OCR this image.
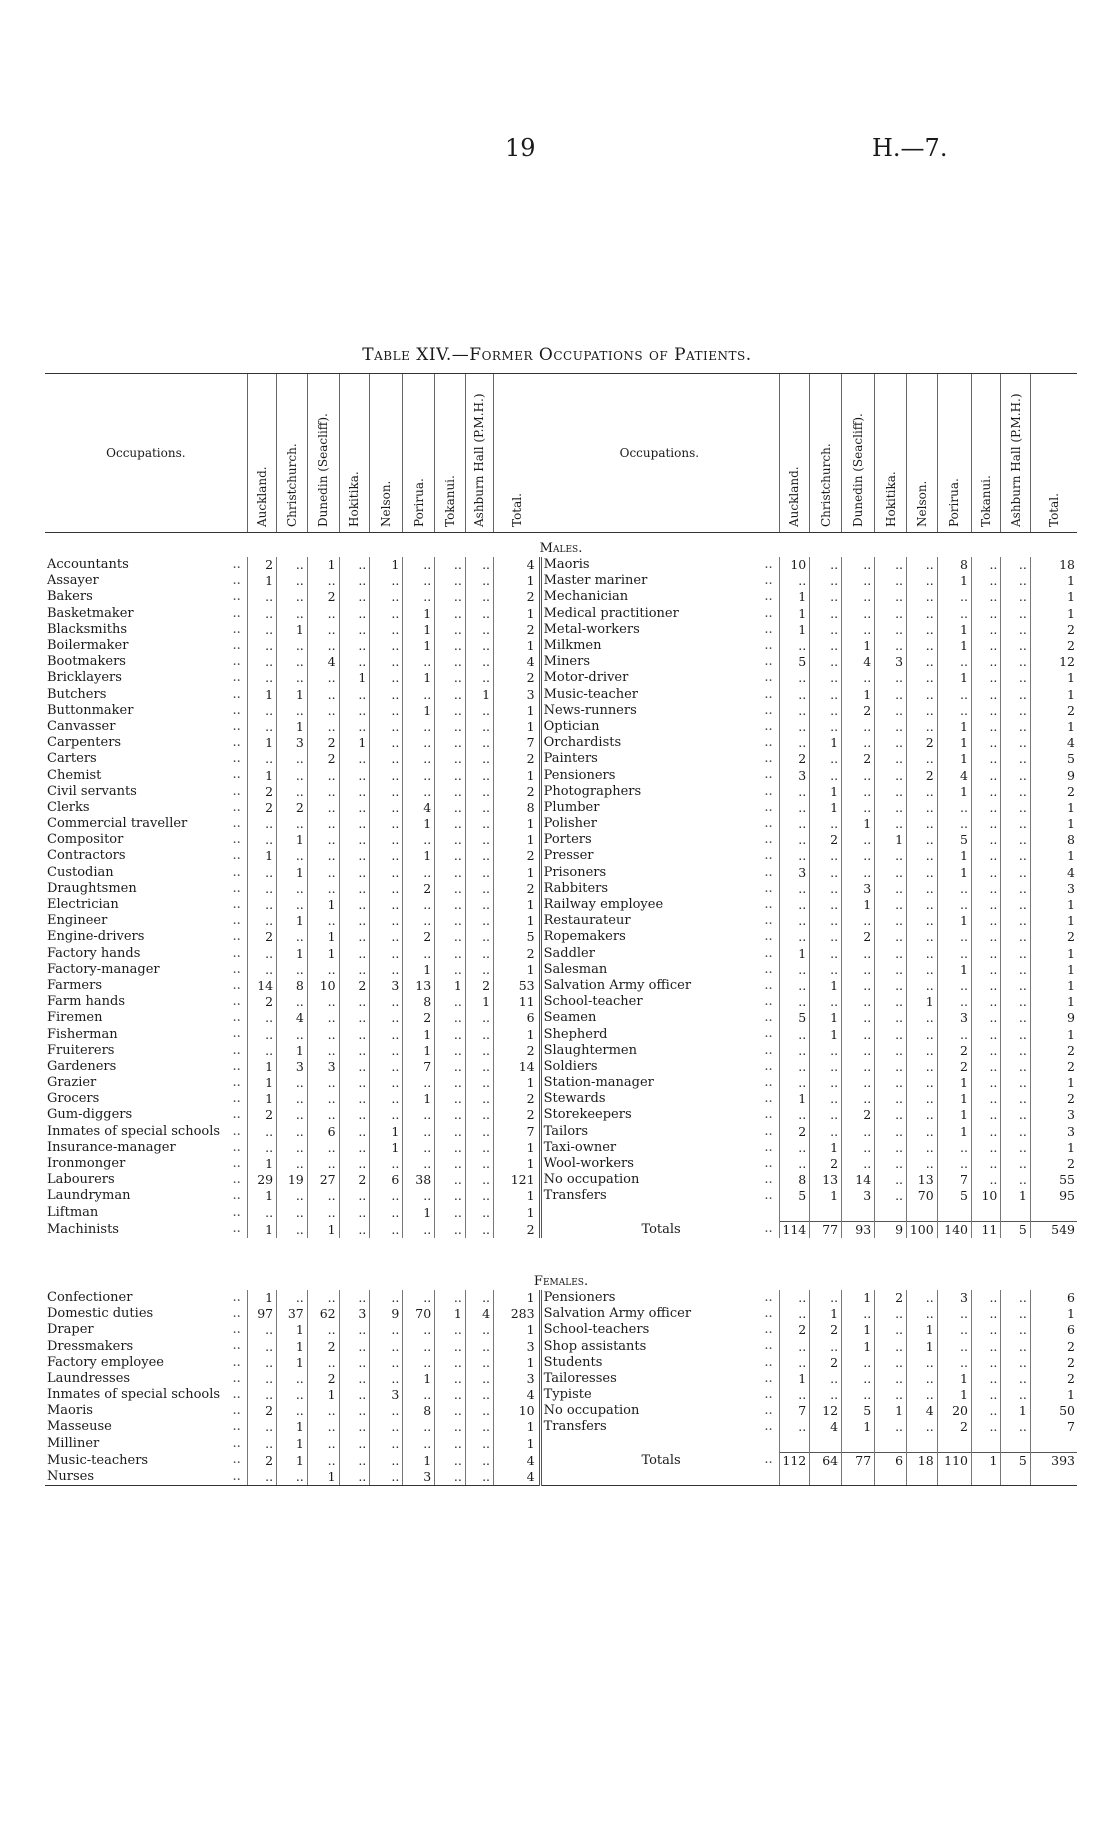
19	H.—7.
Table XIV.—Former Occupations of Patients.
Occupations.	Auckland.	Christchurch.	Dunedin (Seacliff).	Hokitika.	Nelson.	Porirua.	Tokanui.	Ashburn Hall (P.M.H.)	Total.	Occupations.	Auckland.	Christchurch.	Dunedin (Seacliff).	Hokitika.	Nelson.	Porirua.	Tokanui.	Ashburn Hall (P.M.H.)	Total.
Males.																			
Accountants ..	2	..	1	..	1	..	..	..	4	Maoris ..	10	..	..	..	..	8	..	..	18
Assayer ..	1	..	..	..	..	..	..	..	1	Master mariner ..	..	..	..	..	..	1	..	..	1
Bakers ..	..	..	2	..	..	..	..	..	2	Mechanician ..	1	..	..	..	..	..	..	..	1
Basketmaker ..	..	..	..	..	..	1	..	..	1	Medical practitioner ..	1	..	..	..	..	..	..	..	1
Blacksmiths ..	..	1	..	..	..	1	..	..	2	Metal-workers ..	1	..	..	..	..	1	..	..	2
Boilermaker ..	..	..	..	..	..	1	..	..	1	Milkmen ..	..	..	1	..	..	1	..	..	2
Bootmakers ..	..	..	4	..	..	..	..	..	4	Miners ..	5	..	4	3	..	..	..	..	12
Bricklayers ..	..	..	..	1	..	1	..	..	2	Motor-driver ..	..	..	..	..	..	1	..	..	1
Butchers ..	1	1	..	..	..	..	..	1	3	Music-teacher ..	..	..	1	..	..	..	..	..	1
Buttonmaker ..	..	..	..	..	..	1	..	..	1	News-runners ..	..	..	2	..	..	..	..	..	2
Canvasser ..	..	1	..	..	..	..	..	..	1	Optician ..	..	..	..	..	..	1	..	..	1
Carpenters ..	1	3	2	1	..	..	..	..	7	Orchardists ..	..	1	..	..	2	1	..	..	4
Carters ..	..	..	2	..	..	..	..	..	2	Painters ..	2	..	2	..	..	1	..	..	5
Chemist ..	1	..	..	..	..	..	..	..	1	Pensioners ..	3	..	..	..	2	4	..	..	9
Civil servants ..	2	..	..	..	..	..	..	..	2	Photographers ..	..	1	..	..	..	1	..	..	2
Clerks ..	2	2	..	..	..	4	..	..	8	Plumber ..	..	1	..	..	..	..	..	..	1
Commercial traveller ..	..	..	..	..	..	1	..	..	1	Polisher ..	..	..	1	..	..	..	..	..	1
Compositor ..	..	1	..	..	..	..	..	..	1	Porters ..	..	2	..	1	..	5	..	..	8
Contractors ..	1	..	..	..	..	1	..	..	2	Presser ..	..	..	..	..	..	1	..	..	1
Custodian ..	..	1	..	..	..	..	..	..	1	Prisoners ..	3	..	..	..	..	1	..	..	4
Draughtsmen ..	..	..	..	..	..	2	..	..	2	Rabbiters ..	..	..	3	..	..	..	..	..	3
Electrician ..	..	..	1	..	..	..	..	..	1	Railway employee ..	..	..	1	..	..	..	..	..	1
Engineer ..	..	1	..	..	..	..	..	..	1	Restaurateur ..	..	..	..	..	..	1	..	..	1
Engine-drivers ..	2	..	1	..	..	2	..	..	5	Ropemakers ..	..	..	2	..	..	..	..	..	2
Factory hands ..	..	1	1	..	..	..	..	..	2	Saddler ..	1	..	..	..	..	..	..	..	1
Factory-manager ..	..	..	..	..	..	1	..	..	1	Salesman ..	..	..	..	..	..	1	..	..	1
Farmers ..	14	8	10	2	3	13	1	2	53	Salvation Army officer ..	..	1	..	..	..	..	..	..	1
Farm hands ..	2	..	..	..	..	8	..	1	11	School-teacher ..	..	..	..	..	1	..	..	..	1
Firemen ..	..	4	..	..	..	2	..	..	6	Seamen ..	5	1	..	..	..	3	..	..	9
Fisherman ..	..	..	..	..	..	1	..	..	1	Shepherd ..	..	1	..	..	..	..	..	..	1
Fruiterers ..	..	1	..	..	..	1	..	..	2	Slaughtermen ..	..	..	..	..	..	2	..	..	2
Gardeners ..	1	3	3	..	..	7	..	..	14	Soldiers ..	..	..	..	..	..	2	..	..	2
Grazier ..	1	..	..	..	..	..	..	..	1	Station-manager ..	..	..	..	..	..	1	..	..	1
Grocers ..	1	..	..	..	..	1	..	..	2	Stewards ..	1	..	..	..	..	1	..	..	2
Gum-diggers ..	2	..	..	..	..	..	..	..	2	Storekeepers ..	..	..	2	..	..	1	..	..	3
Inmates of special schools ..	..	..	6	..	1	..	..	..	7	Tailors ..	2	..	..	..	..	1	..	..	3
Insurance-manager ..	..	..	..	..	1	..	..	..	1	Taxi-owner ..	..	1	..	..	..	..	..	..	1
Ironmonger ..	1	..	..	..	..	..	..	..	1	Wool-workers ..	..	2	..	..	..	..	..	..	2
Labourers ..	29	19	27	2	6	38	..	..	121	No occupation ..	8	13	14	..	13	7	..	..	55
Laundryman ..	1	..	..	..	..	..	..	..	1	Transfers ..	5	1	3	..	70	5	10	1	95
Liftman ..	..	..	..	..	..	1	..	..	1										
Machinists ..	1	..	1	..	..	..	..	..	2	Totals ..	114	77	93	9	100	140	11	5	549

Females.																			
Confectioner ..	1	..	..	..	..	..	..	..	1	Pensioners ..	..	..	1	2	..	3	..	..	6
Domestic duties ..	97	37	62	3	9	70	1	4	283	Salvation Army officer ..	..	1	..	..	..	..	..	..	1
Draper ..	..	1	..	..	..	..	..	..	1	School-teachers ..	2	2	1	..	1	..	..	..	6
Dressmakers ..	..	1	2	..	..	..	..	..	3	Shop assistants ..	..	..	1	..	1	..	..	..	2
Factory employee ..	..	1	..	..	..	..	..	..	1	Students ..	..	2	..	..	..	..	..	..	2
Laundresses ..	..	..	2	..	..	1	..	..	3	Tailoresses ..	1	..	..	..	..	1	..	..	2
Inmates of special schools ..	..	..	1	..	3	..	..	..	4	Typiste ..	..	..	..	..	..	1	..	..	1
Maoris ..	2	..	..	..	..	8	..	..	10	No occupation ..	7	12	5	1	4	20	..	1	50
Masseuse ..	..	1	..	..	..	..	..	..	1	Transfers ..	..	4	1	..	..	2	..	..	7
Milliner ..	..	1	..	..	..	..	..	..	1										
Music-teachers ..	2	1	..	..	..	1	..	..	4	Totals ..	112	64	77	6	18	110	1	5	393
Nurses ..	..	..	1	..	..	3	..	..	4										
